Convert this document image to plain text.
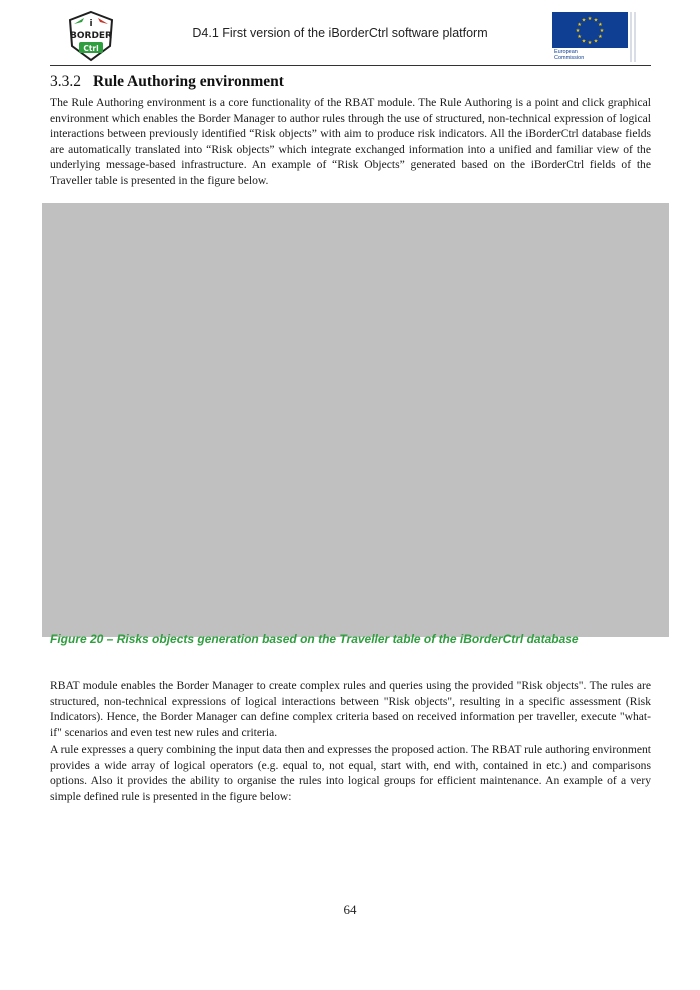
i
BORDER
Ctrl
D4.1 First version of the iBorderCtrl software platform
★ ★
★
★
★
★
★
★
★
★
★
★
European
Commission
3.3.2 Rule Authoring environment

The Rule Authoring environment is a core functionality of the RBAT module. The Rule Authoring is a point and click graphical environment which enables the Border Manager to author rules through the use of structured, non-technical expression of logical interactions between previously identified “Risk objects” with aim to produce risk indicators. All the iBorderCtrl database fields are automatically translated into “Risk objects” which integrate exchanged information into a unified and familiar view of the underlying message-based infrastructure. An example of “Risk Objects” generated based on the iBorderCtrl fields of the Traveller table is presented in the figure below.

Figure 20 – Risks objects generation based on the Traveller table of the iBorderCtrl database

RBAT module enables the Border Manager to create complex rules and queries using the provided "Risk objects". The rules are structured, non-technical expressions of logical interactions between "Risk objects", resulting in a specific assessment (Risk Indicators). Hence, the Border Manager can define complex criteria based on received information per traveller, execute "what-if" scenarios and even test new rules and criteria.

A rule expresses a query combining the input data then and expresses the proposed action. The RBAT rule authoring environment provides a wide array of logical operators (e.g. equal to, not equal, start with, end with, contained in etc.) and comparisons options. Also it provides the ability to organise the rules into logical groups for efficient maintenance. An example of a very simple defined rule is presented in the figure below:

64
